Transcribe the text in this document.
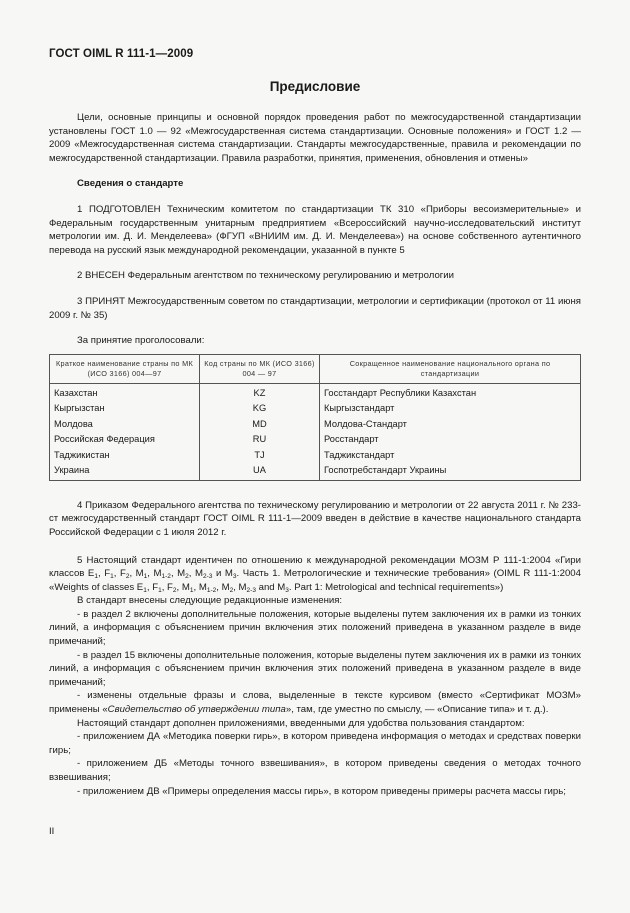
ГОСТ OIML R 111-1—2009
Предисловие

Цели, основные принципы и основной порядок проведения работ по межгосударственной стандартизации установлены ГОСТ 1.0 — 92 «Межгосударственная система стандартизации. Основные положения» и ГОСТ 1.2 — 2009 «Межгосударственная система стандартизации. Стандарты межгосударственные, правила и рекомендации по межгосударственной стандартизации. Правила разработки, принятия, применения, обновления и отмены»

Сведения о стандарте

1 ПОДГОТОВЛЕН Техническим комитетом по стандартизации ТК 310 «Приборы весоизмерительные» и Федеральным государственным унитарным предприятием «Всероссийский научно-исследовательский институт метрологии им. Д. И. Менделеева» (ФГУП «ВНИИМ им. Д. И. Менделеева») на основе собственного аутентичного перевода на русский язык международной рекомендации, указанной в пункте 5

2 ВНЕСЕН Федеральным агентством по техническому регулированию и метрологии

3 ПРИНЯТ Межгосударственным советом по стандартизации, метрологии и сертификации (протокол от 11 июня 2009 г. № 35)

За принятие проголосовали:

Краткое наименование страны по МК (ИСО 3166) 004—97	Код страны по МК (ИСО 3166) 004 — 97	Сокращенное наименование национального органа по стандартизации
Казахстан	KZ	Госстандарт Республики Казахстан
Кыргызстан	KG	Кыргызстандарт
Молдова	MD	Молдова-Стандарт
Российская Федерация	RU	Росстандарт
Таджикистан	TJ	Таджикстандарт
Украина	UA	Госпотребстандарт Украины

4 Приказом Федерального агентства по техническому регулированию и метрологии от 22 августа 2011 г. № 233-ст межгосударственный стандарт ГОСТ OIML R 111-1—2009 введен в действие в качестве национального стандарта Российской Федерации с 1 июля 2012 г.

5 Настоящий стандарт идентичен по отношению к международной рекомендации МОЗМ Р 111-1:2004 «Гири классов $Е_1$, $F_1$, $F_2$, $M_1$, $M_{1-2}$, $M_2$, $М_{2-3}$ и $М_3$. Часть 1. Метрологические и технические требования» (OIML R 111-1:2004 «Weights of classes $E_1$, $F_1$, $F_2$, $M_1$, $M_{1-2}$, $M_2$, $M_{2-3}$ and $M_3$. Part 1: Metrological and technical requirements»)

В стандарт внесены следующие редакционные изменения:

- в раздел 2 включены дополнительные положения, которые выделены путем заключения их в рамки из тонких линий, а информация с объяснением причин включения этих положений приведена в указанном разделе в виде примечаний;

- в раздел 15 включены дополнительные положения, которые выделены путем заключения их в рамки из тонких линий, а информация с объяснением причин включения этих положений приведена в указанном разделе в виде примечаний;

- изменены отдельные фразы и слова, выделенные в тексте курсивом (вместо «Сертификат МОЗМ» применены «Свидетельство об утверждении типа», там, где уместно по смыслу, — «Описание типа» и т. д.).

Настоящий стандарт дополнен приложениями, введенными для удобства пользования стандартом:

- приложением ДА «Методика поверки гирь», в котором приведена информация о методах и средствах поверки гирь;

- приложением ДБ «Методы точного взвешивания», в котором приведены сведения о методах точного взвешивания;

- приложением ДВ «Примеры определения массы гирь», в котором приведены примеры расчета массы гирь;

II
